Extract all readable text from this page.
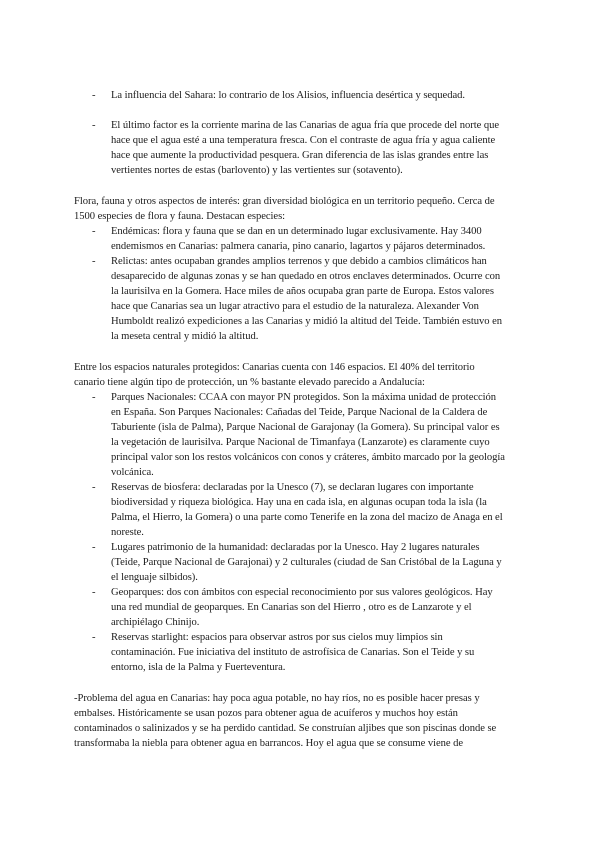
- La influencia del Sahara: lo contrario de los Alisios, influencia desértica y sequedad.
- El último factor es la corriente marina de las Canarias de agua fría que procede del norte que
hace que el agua esté a una temperatura fresca. Con el contraste de agua fría y agua caliente
hace que aumente la productividad pesquera. Gran diferencia de las islas grandes entre las
vertientes nortes de estas (barlovento) y las vertientes sur (sotavento).
Flora, fauna y otros aspectos de interés: gran diversidad biológica en un territorio pequeño. Cerca de
1500 especies de flora y fauna. Destacan especies:
- Endémicas: flora y fauna que se dan en un determinado lugar exclusivamente. Hay 3400
endemismos en Canarias: palmera canaria, pino canario, lagartos y pájaros determinados.
- Relictas: antes ocupaban grandes amplios terrenos y que debido a cambios climáticos han
desaparecido de algunas zonas y se han quedado en otros enclaves determinados. Ocurre con
la laurisilva en la Gomera. Hace miles de años ocupaba gran parte de Europa. Estos valores
hace que Canarias sea un lugar atractivo para el estudio de la naturaleza. Alexander Von
Humboldt realizó expediciones a las Canarias y midió la altitud del Teide. También estuvo en
la meseta central y midió la altitud.
Entre los espacios naturales protegidos: Canarias cuenta con 146 espacios. El 40% del territorio
canario tiene algún tipo de protección, un % bastante elevado parecido a Andalucía:
- Parques Nacionales: CCAA con mayor PN protegidos. Son la máxima unidad de protección
en España. Son Parques Nacionales: Cañadas del Teide, Parque Nacional de la Caldera de
Taburiente (isla de Palma), Parque Nacional de Garajonay (la Gomera). Su principal valor es
la vegetación de laurisilva. Parque Nacional de Timanfaya (Lanzarote) es claramente cuyo
principal valor son los restos volcánicos con conos y cráteres, ámbito marcado por la geología
volcánica.
- Reservas de biosfera: declaradas por la Unesco (7), se declaran lugares con importante
biodiversidad y riqueza biológica. Hay una en cada isla, en algunas ocupan toda la isla (la
Palma, el Hierro, la Gomera) o una parte como Tenerife en la zona del macizo de Anaga en el
noreste.
- Lugares patrimonio de la humanidad: declaradas por la Unesco. Hay 2 lugares naturales
(Teide, Parque Nacional de Garajonai) y 2 culturales (ciudad de San Cristóbal de la Laguna y
el lenguaje silbidos).
- Geoparques: dos con ámbitos con especial reconocimiento por sus valores geológicos. Hay
una red mundial de geoparques. En Canarias son del Hierro , otro es de Lanzarote y el
archipiélago Chinijo.
- Reservas starlight: espacios para observar astros por sus cielos muy limpios sin
contaminación. Fue iniciativa del instituto de astrofísica de Canarias. Son el Teide y su
entorno, isla de la Palma y Fuerteventura.
-Problema del agua en Canarias: hay poca agua potable, no hay ríos, no es posible hacer presas y
embalses. Históricamente se usan pozos para obtener agua de acuíferos y muchos hoy están
contaminados o salinizados y se ha perdido cantidad. Se construían aljibes que son piscinas donde se
transformaba la niebla para obtener agua en barrancos. Hoy el agua que se consume viene de
